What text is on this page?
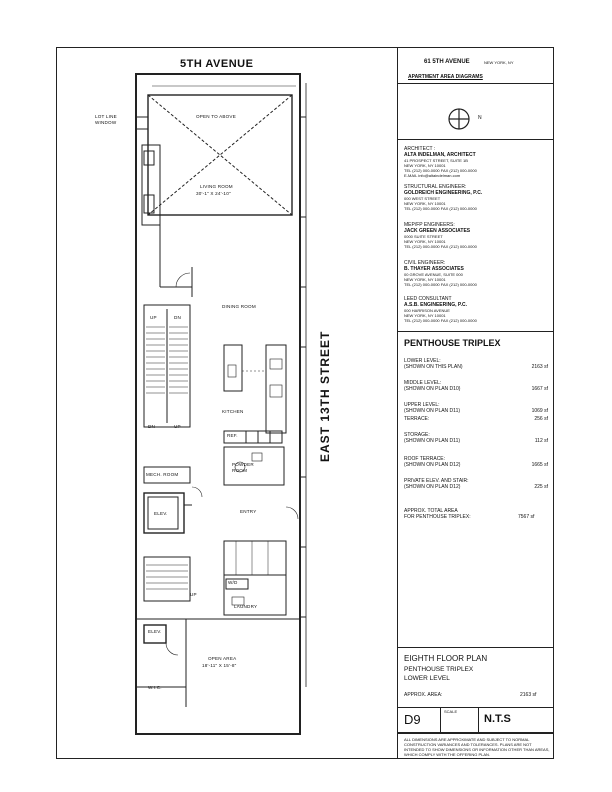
5TH AVENUE
EAST 13TH STREET
LOT LINE
WINDOW
OPEN TO ABOVE
LIVING ROOM
30'-1" X 24'-10"
DINING ROOM
KITCHEN
REF.
POWDER
ROOM
MECH. ROOM
ELEV.	ENTRY
W/D
LAUNDRY
ELEV.
W.I.C.
OPEN AREA
18'-11" X 15'-8"
UP	DN
DN	UP
UP
61 5TH AVENUE	NEW YORK, NY
APARTMENT AREA DIAGRAMS
N
ARCHITECT :
ALTA INDELMAN, ARCHITECT
41 PROSPECT STREET, SUITE 1B
NEW YORK, NY 10001
TEL (212) 000-0000 FAX (212) 000-0000
E-MAIL info@altaindelman.com
STRUCTURAL ENGINEER:
GOLDREICH ENGINEERING, P.C.
000 WEST STREET
NEW YORK, NY 10001
TEL (212) 000-0000 FAX (212) 000-0000
MEP/FP ENGINEERS:
JACK GREEN ASSOCIATES
0000 SUITE STREET
NEW YORK, NY 10001
TEL (212) 000-0000 FAX (212) 000-0000
CIVIL ENGINEER:
B. THAYER ASSOCIATES
00 GROVE AVENUE, SUITE 000
NEW YORK, NY 10001
TEL (212) 000-0000 FAX (212) 000-0000
LEED CONSULTANT
A.S.B. ENGINEERING, P.C.
000 HARRISON AVENUE
NEW YORK, NY 10001
TEL (212) 000-0000 FAX (212) 000-0000
PENTHOUSE TRIPLEX
LOWER LEVEL:
(SHOWN ON THIS PLAN)	2163 sf
MIDDLE LEVEL:
(SHOWN ON PLAN D10)	1667 sf
UPPER LEVEL:
(SHOWN ON PLAN D11)	1069 sf
TERRACE:	256 sf
STORAGE:
(SHOWN ON PLAN D11)	112 sf
ROOF TERRACE:
(SHOWN ON PLAN D12)	1665 sf
PRIVATE ELEV. AND STAIR:
(SHOWN ON PLAN D12)	225 sf
APPROX. TOTAL AREA
FOR PENTHOUSE TRIPLEX:	7567 sf
EIGHTH FLOOR PLAN
PENTHOUSE TRIPLEX
LOWER LEVEL
APPROX. AREA:	2163 sf
D9
SCALE
N.T.S
ALL DIMENSIONS ARE APPROXIMATE AND SUBJECT TO NORMAL CONSTRUCTION VARIANCES AND TOLERANCES. PLANS ARE NOT INTENDED TO SHOW DIMENSIONS OR INFORMATION OTHER THAN AREAS, WHICH COMPLY WITH THE OFFERING PLAN.
